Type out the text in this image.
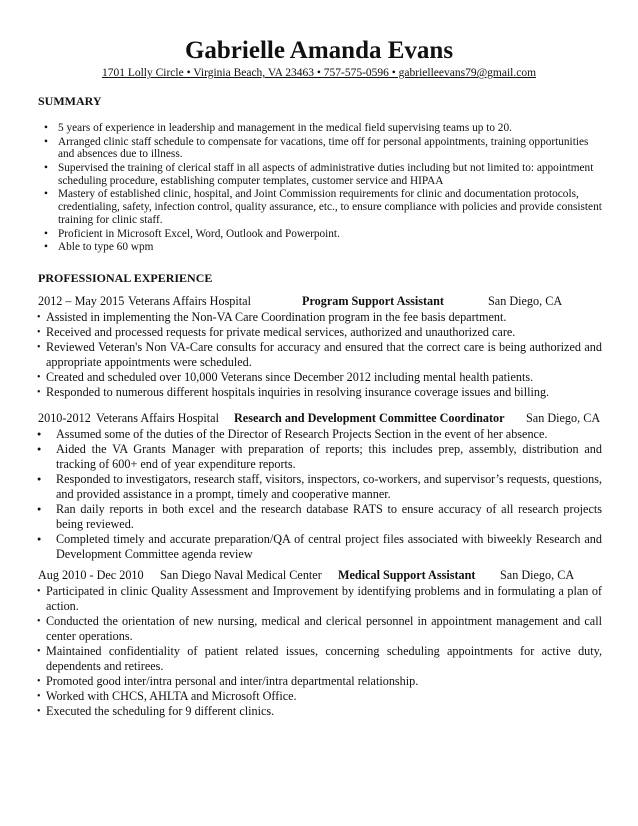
Gabrielle Amanda Evans
1701 Lolly Circle • Virginia Beach, VA 23463 • 757-575-0596 • gabrielleevans79@gmail.com
SUMMARY
• 5 years of experience in leadership and management in the medical field supervising teams up to 20.
• Arranged clinic staff schedule to compensate for vacations, time off for personal appointments, training opportunities and absences due to illness.
• Supervised the training of clerical staff in all aspects of administrative duties including but not limited to: appointment scheduling procedure, establishing computer templates, customer service and HIPAA
• Mastery of established clinic, hospital, and Joint Commission requirements for clinic and documentation protocols, credentialing, safety, infection control, quality assurance, etc., to ensure compliance with policies and provide consistent training for clinic staff.
• Proficient in Microsoft Excel, Word, Outlook and Powerpoint.
• Able to type 60 wpm
PROFESSIONAL EXPERIENCE
2012 – May 2015 Veterans Affairs Hospital	Program Support Assistant	San Diego, CA
• Assisted in implementing the Non-VA Care Coordination program in the fee basis department.
• Received and processed requests for private medical services, authorized and unauthorized care.
• Reviewed Veteran's Non VA-Care consults for accuracy and ensured that the correct care is being authorized and appropriate appointments were scheduled.
• Created and scheduled over 10,000 Veterans since December 2012 including mental health patients.
• Responded to numerous different hospitals inquiries in resolving insurance coverage issues and billing.
2010-2012 Veterans Affairs Hospital Research and Development Committee Coordinator San Diego, CA
● Assumed some of the duties of the Director of Research Projects Section in the event of her absence.
● Aided the VA Grants Manager with preparation of reports; this includes prep, assembly, distribution and tracking of 600+ end of year expenditure reports.
● Responded to investigators, research staff, visitors, inspectors, co-workers, and supervisor’s requests, questions, and provided assistance in a prompt, timely and cooperative manner.
● Ran daily reports in both excel and the research database RATS to ensure accuracy of all research projects being reviewed.
● Completed timely and accurate preparation/QA of central project files associated with biweekly Research and Development Committee agenda review
Aug 2010 - Dec 2010 San Diego Naval Medical Center Medical Support Assistant San Diego, CA
• Participated in clinic Quality Assessment and Improvement by identifying problems and in formulating a plan of action.
• Conducted the orientation of new nursing, medical and clerical personnel in appointment management and call center operations.
• Maintained confidentiality of patient related issues, concerning scheduling appointments for active duty, dependents and retirees.
• Promoted good inter/intra personal and inter/intra departmental relationship.
• Worked with CHCS, AHLTA and Microsoft Office.
• Executed the scheduling for 9 different clinics.
